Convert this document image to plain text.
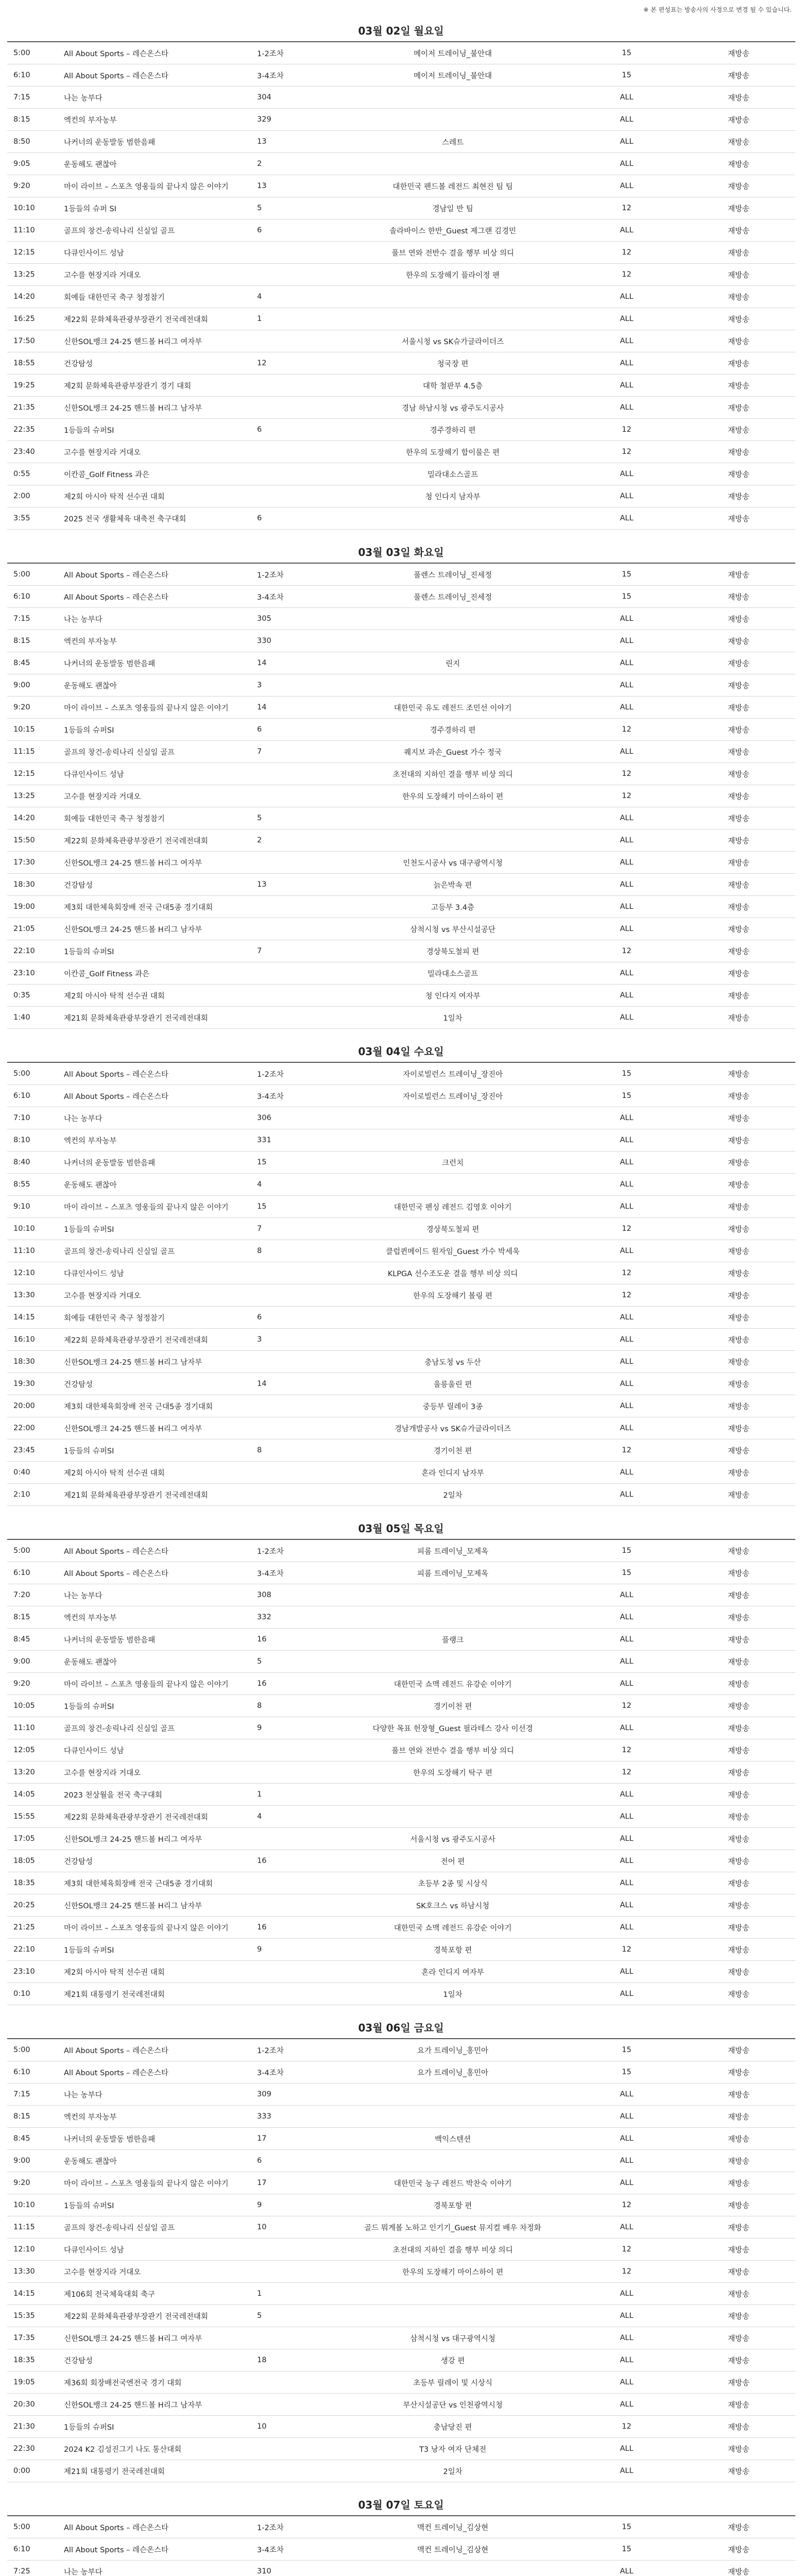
※ 본 편성표는 방송사의 사정으로 변경 될 수 있습니다.
03월 02일 월요일
5:00	All About Sports – 레슨온스타	1-2조차	메이저 트레이닝_불안대	15	재방송
6:10	All About Sports – 레슨온스타	3-4조차	메이저 트레이닝_불안대	15	재방송
7:15	나는 농부다	304		ALL	재방송
8:15	엑컨의 부자농부	329		ALL	재방송
8:50	나커너의 운동발동 범한음패	13	스레트	ALL	재방송
9:05	운동해도 괜찮아	2		ALL	재방송
9:20	마이 라이브 – 스포츠 영웅들의 끝나지 않은 이야기	13	대한민국 펜드볼 레전드 최현진 팀 팀	ALL	재방송
10:10	1등들의 슈퍼 SI	5	경남일 반 팀	12	재방송
11:10	골프의 창건-송릭나리 신실일 골프	6	솔라바이스 한반_Guest 제그랜 김경민	ALL	재방송
12:15	다큐인사이드 성남		풀브 연와 전반수 결을 행부 비상 의디	12	재방송
13:25	고수를 현장지라 거대오		한우의 도장해기 플라이정 팬	12	재방송
14:20	회예들 대한민국 축구 청정참기	4		ALL	재방송
16:25	제22회 문화체육관광부장관기 전국레전대회	1		ALL	재방송
17:50	신한SOL뱅크 24-25 핸드볼 H리그 여자부		서울시청 vs SK슈가글라이더즈	ALL	재방송
18:55	건강탐성	12	청국장 편	ALL	재방송
19:25	제2회 문화체육관광부장관기 경기 대회		대학 철판부 4.5층	ALL	재방송
21:35	신한SOL뱅크 24-25 핸드볼 H리그 남자부		경남 하남시청 vs 광주도시공사	ALL	재방송
22:35	1등들의 슈퍼SI	6	경주경하리 편	12	재방송
23:40	고수를 현장지라 거대오		한우의 도장해기 합이물은 편	12	재방송
0:55	이칸콤_Golf Fitness 과은		밀라대소스골프	ALL	재방송
2:00	제2회 아시아 탁적 선수권 대회		청 인다지 남자부	ALL	재방송
3:55	2025 전국 생활체육 대축전 축구대회	6		ALL	재방송
03월 03일 화요일
5:00	All About Sports – 레슨온스타	1-2조차	풀렌스 트레이닝_진세정	15	재방송
6:10	All About Sports – 레슨온스타	3-4조차	풀렌스 트레이닝_진세정	15	재방송
7:15	나는 농부다	305		ALL	재방송
8:15	엑컨의 부자농부	330		ALL	재방송
8:45	나커너의 운동발동 범한음패	14	린지	ALL	재방송
9:00	운동해도 괜찮아	3		ALL	재방송
9:20	마이 라이브 – 스포츠 영웅들의 끝나지 않은 이야기	14	대한민국 유도 레전드 조민선 이야기	ALL	재방송
10:15	1등들의 슈퍼SI	6	경주경하리 편	12	재방송
11:15	골프의 창건-송릭나리 신실일 골프	7	퀘지보 과손_Guest 가수 정국	ALL	재방송
12:15	다큐인사이드 성남		초전대의 지하인 결을 행부 비상 의디	12	재방송
13:25	고수를 현장지라 거대오		한우의 도장해기 마이스하이 편	12	재방송
14:20	회예들 대한민국 축구 청정참기	5		ALL	재방송
15:50	제22회 문화체육관광부장관기 전국레전대회	2		ALL	재방송
17:30	신한SOL뱅크 24-25 핸드볼 H리그 여자부		인천도시공사 vs 대구광역시청	ALL	재방송
18:30	건강탐성	13	늙은박속 편	ALL	재방송
19:00	제3회 대한체육회장배 전국 근대5종 경기대회		고등부 3.4층	ALL	재방송
21:05	신한SOL뱅크 24-25 핸드볼 H리그 남자부		삼척시청 vs 부산시설공단	ALL	재방송
22:10	1등들의 슈퍼SI	7	경상북도철피 편	12	재방송
23:10	이칸콤_Golf Fitness 과은		밀라대소스골프	ALL	재방송
0:35	제2회 아시아 탁적 선수권 대회		청 인다지 여자부	ALL	재방송
1:40	제21회 문화체육관광부장관기 전국레전대회		1일차	ALL	재방송
03월 04일 수요일
5:00	All About Sports – 레슨온스타	1-2조차	자이로빌런스 트레이닝_장진아	15	재방송
6:10	All About Sports – 레슨온스타	3-4조차	자이로빌런스 트레이닝_장진아	15	재방송
7:10	나는 농부다	306		ALL	재방송
8:10	엑컨의 부자농부	331		ALL	재방송
8:40	나커너의 운동발동 범한음패	15	크런치	ALL	재방송
8:55	운동해도 괜찮아	4		ALL	재방송
9:10	마이 라이브 – 스포츠 영웅들의 끝나지 않은 이야기	15	대한민국 펜싱 레전드 김영호 이야기	ALL	재방송
10:10	1등들의 슈퍼SI	7	경상북도철피 편	12	재방송
11:10	골프의 창건-송릭나리 신실일 골프	8	클럽퀸메이드 원자임_Guest 가수 박세욱	ALL	재방송
12:10	다큐인사이드 성남		KLPGA 선수조도운 결을 행부 비상 의디	12	재방송
13:30	고수를 현장지라 거대오		한우의 도장해기 볼링 편	12	재방송
14:15	회예들 대한민국 축구 청정참기	6		ALL	재방송
16:10	제22회 문화체육관광부장관기 전국레전대회	3		ALL	재방송
18:30	신한SOL뱅크 24-25 핸드볼 H리그 남자부		충남도청 vs 두산	ALL	재방송
19:30	건강탐성	14	울릉울린 편	ALL	재방송
20:00	제3회 대한체육회장배 전국 근대5종 경기대회		중등부 릴레이 3종	ALL	재방송
22:00	신한SOL뱅크 24-25 핸드볼 H리그 여자부		경남개발공사 vs SK슈가글라이더즈	ALL	재방송
23:45	1등들의 슈퍼SI	8	경기이천 편	12	재방송
0:40	제2회 아시아 탁적 선수권 대회		혼라 인디지 남자부	ALL	재방송
2:10	제21회 문화체육관광부장관기 전국레전대회		2일차	ALL	재방송
03월 05일 목요일
5:00	All About Sports – 레슨온스타	1-2조차	피롬 트레이닝_모제옥	15	재방송
6:10	All About Sports – 레슨온스타	3-4조차	피롬 트레이닝_모제옥	15	재방송
7:20	나는 농부다	308		ALL	재방송
8:15	엑컨의 부자농부	332		ALL	재방송
8:45	나커너의 운동발동 범한음패	16	플랭크	ALL	재방송
9:00	운동해도 괜찮아	5		ALL	재방송
9:20	마이 라이브 – 스포츠 영웅들의 끝나지 않은 이야기	16	대한민국 쇼맥 레전드 유강순 이야기	ALL	재방송
10:05	1등들의 슈퍼SI	8	경기이천 편	12	재방송
11:10	골프의 창건-송릭나리 신실일 골프	9	다양한 목표 헌장형_Guest 필라테스 강사 이선경	ALL	재방송
12:05	다큐인사이드 성남		풀브 연와 전반수 결을 행부 비상 의디	12	재방송
13:20	고수를 현장지라 거대오		한우의 도장해기 탁구 편	12	재방송
14:05	2023 천상월을 전국 축구대회	1		ALL	재방송
15:55	제22회 문화체육관광부장관기 전국레전대회	4		ALL	재방송
17:05	신한SOL뱅크 24-25 핸드볼 H리그 여자부		서울시청 vs 광주도시공사	ALL	재방송
18:05	건강탐성	16	전어 편	ALL	재방송
18:35	제3회 대한체육회장배 전국 근대5종 경기대회		초등부 2종 및 시상식	ALL	재방송
20:25	신한SOL뱅크 24-25 핸드볼 H리그 남자부		SK호크스 vs 하남시청	ALL	재방송
21:25	마이 라이브 – 스포츠 영웅들의 끝나지 않은 이야기	16	대한민국 쇼맥 레전드 유강순 이야기	ALL	재방송
22:10	1등들의 슈퍼SI	9	경북포항 편	12	재방송
23:10	제2회 아시아 탁적 선수권 대회		혼라 인디지 여자부	ALL	재방송
0:10	제21회 대통령기 전국레전대회		1일차	ALL	재방송
03월 06일 금요일
5:00	All About Sports – 레슨온스타	1-2조차	요가 트레이닝_홍민아	15	재방송
6:10	All About Sports – 레슨온스타	3-4조차	요가 트레이닝_홍민아	15	재방송
7:15	나는 농부다	309		ALL	재방송
8:15	엑컨의 부자농부	333		ALL	재방송
8:45	나커너의 운동발동 범한음패	17	백익스텐션	ALL	재방송
9:00	운동해도 괜찮아	6		ALL	재방송
9:20	마이 라이브 – 스포츠 영웅들의 끝나지 않은 이야기	17	대한민국 농구 레전드 박찬숙 이야기	ALL	재방송
10:10	1등들의 슈퍼SI	9	경북포항 편	12	재방송
11:15	골프의 창건-송릭나리 신실일 골프	10	골드 뭐게볼 노하고 인기기_Guest 뮤지컬 배우 차정화	ALL	재방송
12:10	다큐인사이드 성남		초전대의 지하인 결을 행부 비상 의디	12	재방송
13:30	고수를 현장지라 거대오		한우의 도장해기 마이스하이 편	12	재방송
14:15	제106회 전국체육대회 축구	1		ALL	재방송
15:35	제22회 문화체육관광부장관기 전국레전대회	5		ALL	재방송
17:35	신한SOL뱅크 24-25 핸드볼 H리그 여자부		삼척시청 vs 대구광역시청	ALL	재방송
18:35	건강탐성	18	생강 편	ALL	재방송
19:05	제36회 회장배전국엔전국 경기 대회		초등부 릴레이 및 시상식	ALL	재방송
20:30	신한SOL뱅크 24-25 핸드볼 H리그 남자부		부산시설공단 vs 인천광역시청	ALL	재방송
21:30	1등들의 슈퍼SI	10	충남당진 편	12	재방송
22:30	2024 K2 김성진그기 나도 통산대회		T3 낭자 여자 단체전	ALL	재방송
0:00	제21회 대통령기 전국레전대회		2일차	ALL	재방송
03월 07일 토요일
5:00	All About Sports – 레슨온스타	1-2조차	맥컨 트레이닝_김상현	15	재방송
6:10	All About Sports – 레슨온스타	3-4조차	맥컨 트레이닝_김상현	15	재방송
7:25	나는 농부다	310		ALL	재방송
